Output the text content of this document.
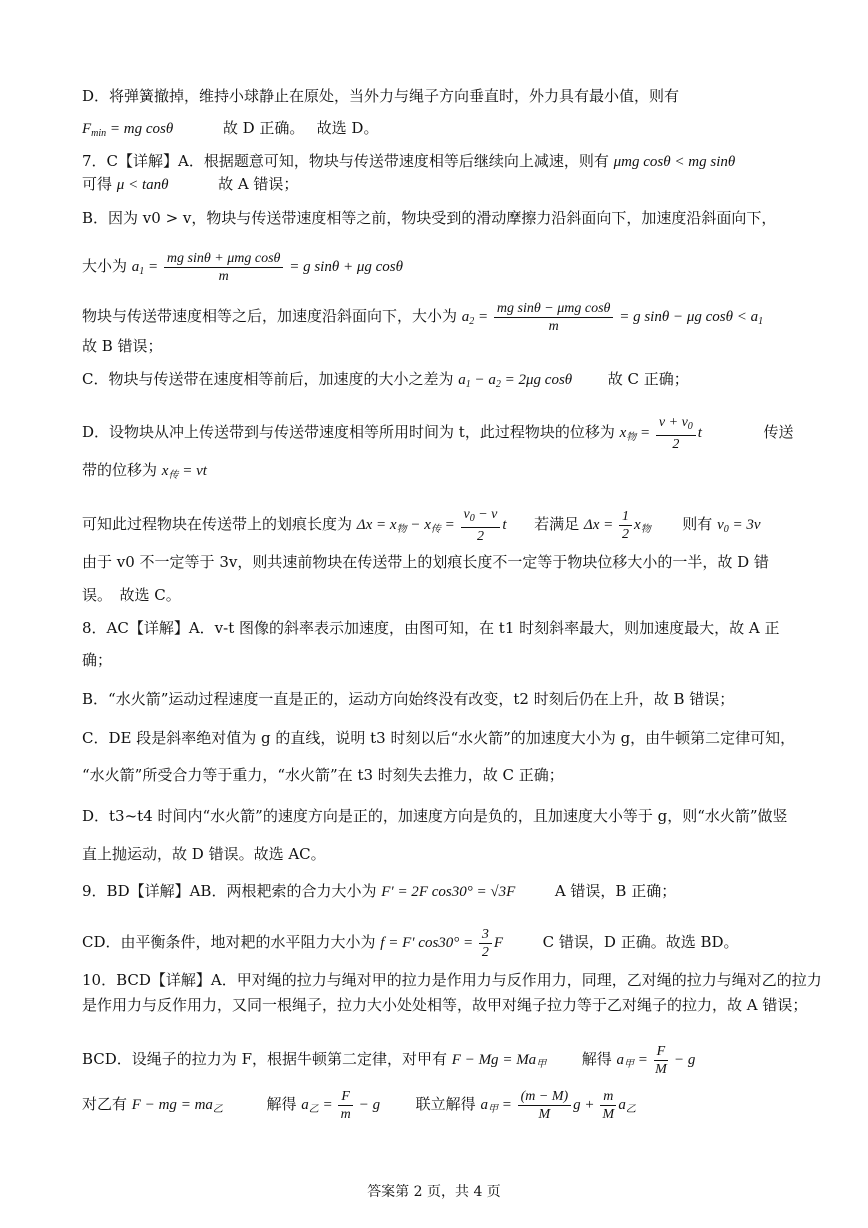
D．将弹簧撤掉，维持小球静止在原处，当外力与绳子方向垂直时，外力具有最小值，则有
$F_{min}$ = mg cosθ	故 D 正确。　 故选 D。
7．C【详解】A．根据题意可知，物块与传送带速度相等后继续向上减速，则有 μmg cosθ < mg sinθ
可得 μ < tanθ	故 A 错误；
B．因为 v0 > v，物块与传送带速度相等之前，物块受到的滑动摩擦力沿斜面向下，加速度沿斜面向下，
大小为 $a_1 = \frac{\text{mg sinθ + μmg cosθ}}{m} = g$ sinθ + μg cosθ
物块与传送带速度相等之后，加速度沿斜面向下，大小为 $a_2 = \frac{\text{mg sinθ − μmg cosθ}}{m} = g$ sinθ − μg $\cos\theta < a_1$
故 B 错误；
C．物块与传送带在速度相等前后，加速度的大小之差为 $a_1 - a_2 = 2\mu g$ cosθ 故 C 正确；
D．设物块从冲上传送带到与传送带速度相等所用时间为 t，此过程物块的位移为 $x_物 = \frac{v + v_0}{2}$ t	传送
带的位移为 $x_传$ = vt
可知此过程物块在传送带上的划痕长度为 $\Delta x = x_物 - x_传 = \frac{v_0 - v}{2}$ t 若满足 $\Delta x = \frac{1}{2} x_物$ 则有 $v_0 = 3v$
由于 v0 不一定等于 3v，则共速前物块在传送带上的划痕长度不一定等于物块位移大小的一半，故 D 错
误。　故选 C。
8．AC【详解】A．v-t 图像的斜率表示加速度，由图可知，在 t1 时刻斜率最大，则加速度最大，故 A 正
确；
B．“水火箭”运动过程速度一直是正的，运动方向始终没有改变，t2 时刻后仍在上升，故 B 错误；
C．DE 段是斜率绝对值为 g 的直线，说明 t3 时刻以后“水火箭”的加速度大小为 g，由牛顿第二定律可知，
“水火箭”所受合力等于重力，“水火箭”在 t3 时刻失去推力，故 C 正确；
D．t3~t4 时间内“水火箭”的速度方向是正的，加速度方向是负的，且加速度大小等于 g，则“水火箭”做竖
直上抛运动，故 D 错误。故选 AC。
9．BD【详解】AB．两根耙索的合力大小为 F′ = 2F cos30° = √3F	A 错误，B 正确；
CD．由平衡条件，地对耙的水平阻力大小为 f = F′ $\cos 30^\circ = \frac{3}{2}$ F	C 错误，D 正确。故选 BD。
10．BCD【详解】A．甲对绳的拉力与绳对甲的拉力是作用力与反作用力，同理，乙对绳的拉力与绳对乙的拉力是作用力与反作用力，又同一根绳子，拉力大小处处相等，故甲对绳子拉力等于乙对绳子的拉力，故 A 错误；
BCD．设绳子的拉力为 F，根据牛顿第二定律，对甲有 $F - Mg = Ma_甲$ 解得 $a_甲 = \frac{F}{M} - g$
对乙有 F − mg = $ma_乙$	解得 $a_乙 = \frac{F}{m} - g$ 联立解得 $a_甲 = \frac{(m - M)}{M}$ $g + \frac{m}{M} a_乙$
答案第 2 页，共 4 页
